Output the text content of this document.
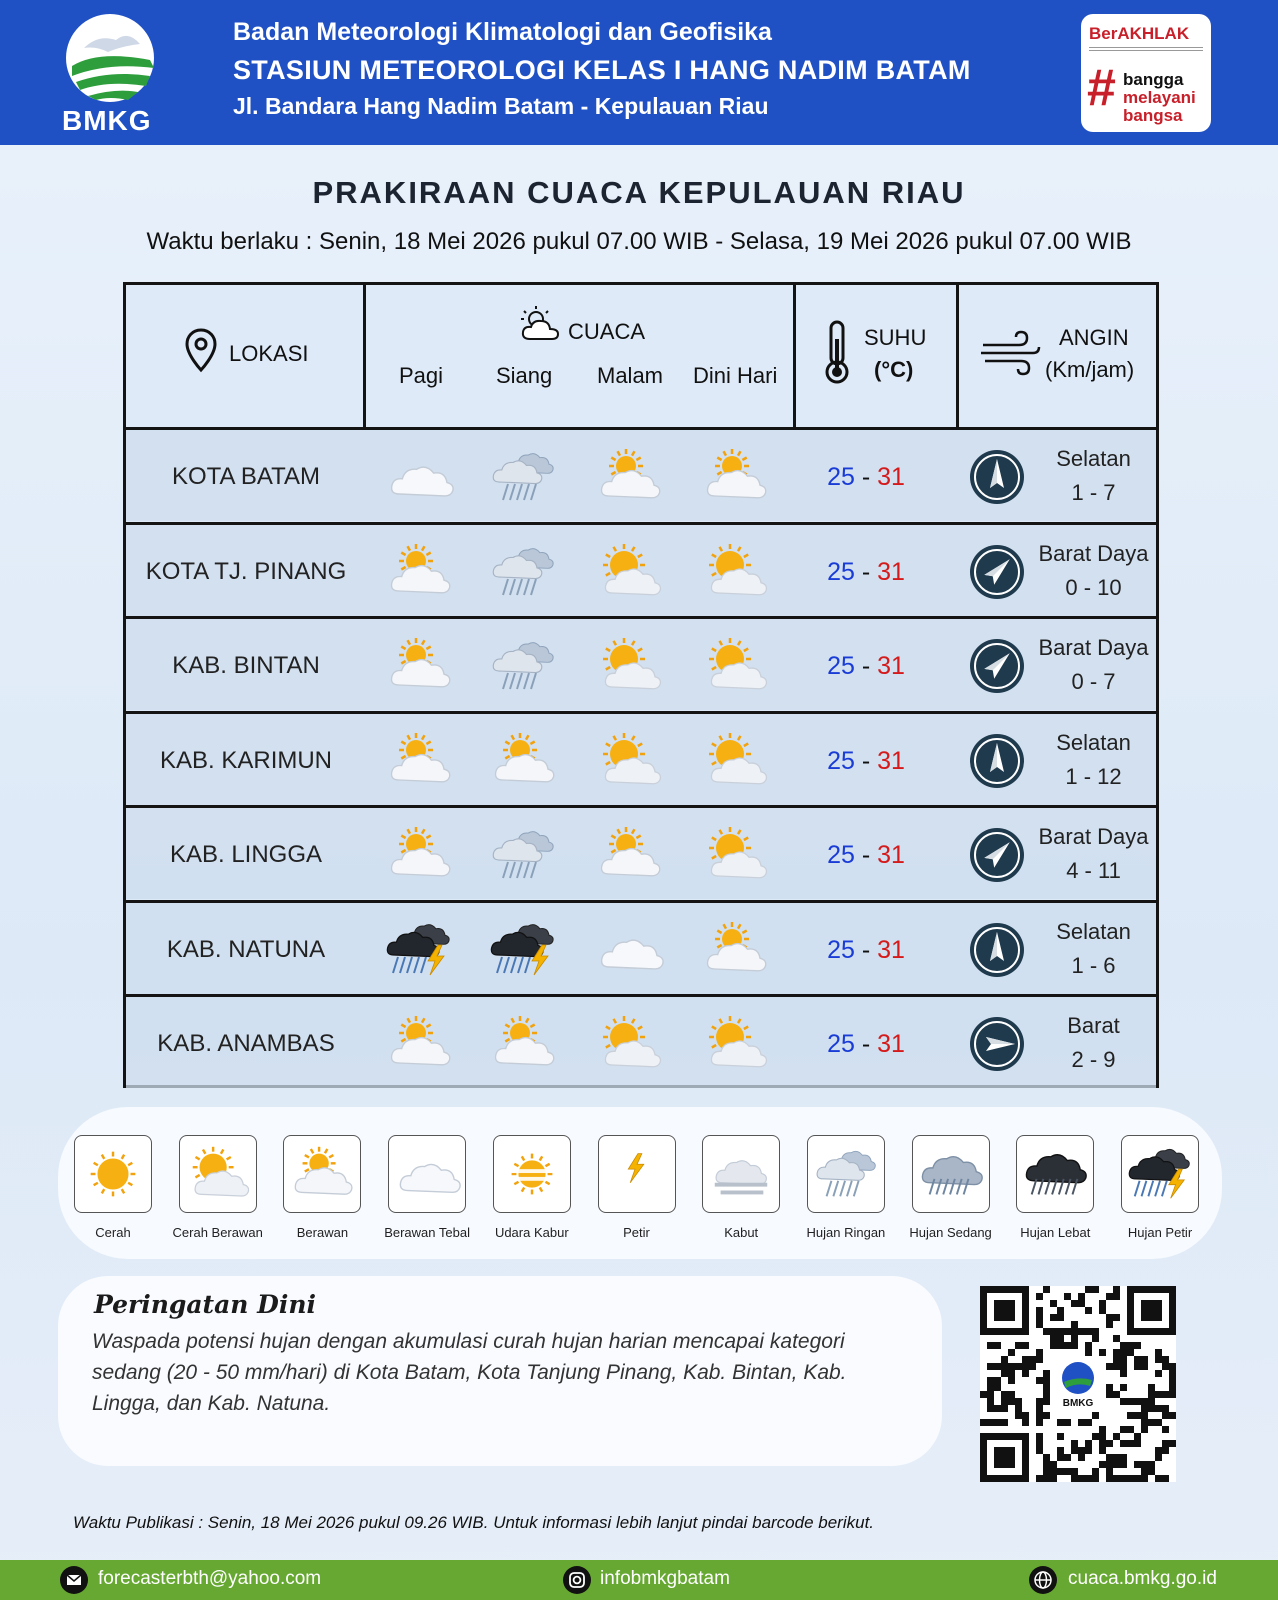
BMKG
Badan Meteorologi Klimatologi dan Geofisika
STASIUN METEOROLOGI KELAS I HANG NADIM BATAM
Jl. Bandara Hang Nadim Batam - Kepulauan Riau
BerAKHLAK
# bangga
melayani
bangsa
PRAKIRAAN CUACA KEPULAUAN RIAU
Waktu berlaku : Senin, 18 Mei 2026 pukul 07.00 WIB - Selasa, 19 Mei 2026 pukul 07.00 WIB
LOKASI
CUACA
Pagi Siang Malam Dini Hari
SUHU
(°C)
ANGIN
(Km/jam)
KOTA BATAM	25 - 31
Selatan
1 - 7
KOTA TJ. PINANG	25 - 31
Barat Daya
0 - 10
KAB. BINTAN	25 - 31
Barat Daya
0 - 7
KAB. KARIMUN	25 - 31
Selatan
1 - 12
KAB. LINGGA	25 - 31
Barat Daya
4 - 11
KAB. NATUNA	25 - 31
Selatan
1 - 6
KAB. ANAMBAS	25 - 31
Barat
2 - 9
Cerah	Cerah Berawan	Berawan	Berawan Tebal	Udara Kabur	Petir	Kabut	Hujan Ringan	Hujan Sedang	Hujan Lebat	Hujan Petir
Peringatan Dini
Waspada potensi hujan dengan akumulasi curah hujan harian mencapai kategori sedang (20 - 50 mm/hari) di Kota Batam, Kota Tanjung Pinang, Kab. Bintan, Kab. Lingga, dan Kab. Natuna.	BMKG
Waktu Publikasi : Senin, 18 Mei 2026 pukul 09.26 WIB. Untuk informasi lebih lanjut pindai barcode berikut.
forecasterbth@yahoo.com	infobmkgbatam	cuaca.bmkg.go.id
